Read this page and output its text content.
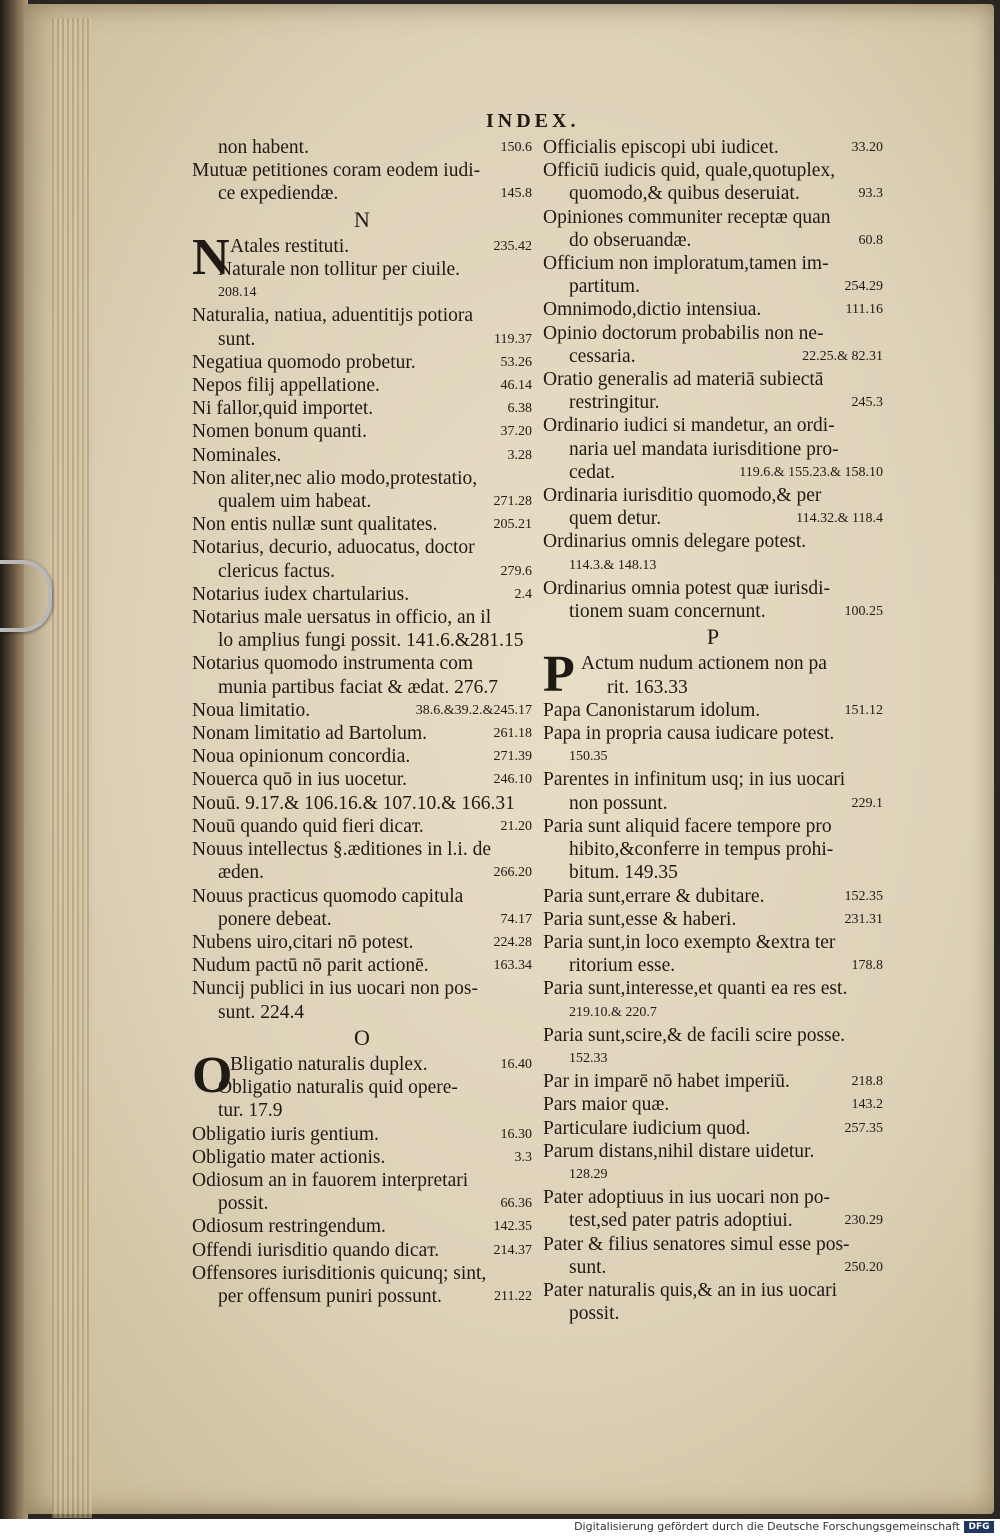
INDEX.
non habent.	150.6
Mutuæ petitiones coram eodem iudi-
ce expediendæ.	145.8
N
N Atales restituti.	235.42
Naturale non tollitur per ciuile.
208.14
Naturalia, natiua, aduentitijs potiora
sunt.	119.37
Negatiua quomodo probetur.	53.26
Nepos filij appellatione.	46.14
Ni fallor,quid importet.	6.38
Nomen bonum quanti.	37.20
Nominales.	3.28
Non aliter,nec alio modo,protestatio,
qualem uim habeat.	271.28
Non entis nullæ sunt qualitates.	205.21
Notarius, decurio, aduocatus, doctor
clericus factus.	279.6
Notarius iudex chartularius.	2.4
Notarius male uersatus in officio, an il
lo amplius fungi possit. 141.6.&281.15
Notarius quomodo instrumenta com
munia partibus faciat & ædat. 276.7
Noua limitatio.	38.6.&39.2.&245.17
Nonam limitatio ad Bartolum.	261.18
Noua opinionum concordia.	271.39
Nouerca quō in ius uocetur.	246.10
Nouū. 9.17.& 106.16.& 107.10.& 166.31
Nouū quando quid fieri dicaт.	21.20
Nouus intellectus §.æditiones in l.i. de
æden.	266.20
Nouus practicus quomodo capitula
ponere debeat.	74.17
Nubens uiro,citari nō potest.	224.28
Nudum pactū nō parit actionē.	163.34
Nuncij publici in ius uocari non pos-
sunt. 224.4
O
O
Bligatio naturalis duplex.	16.40
Obligatio naturalis quid opere-
tur. 17.9
Obligatio iuris gentium.	16.30
Obligatio mater actionis.	3.3
Odiosum an in fauorem interpretari
possit.	66.36
Odiosum restringendum.	142.35
Offendi iurisditio quando dicaт.	214.37
Offensores iurisditionis quicunq; sint,
per offensum puniri possunt.	211.22
Officialis episcopi ubi iudicet.	33.20
Officiū iudicis quid, quale,quotuplex,
quomodo,& quibus deseruiat.	93.3
Opiniones communiter receptæ quan
do obseruandæ.	60.8
Officium non imploratum,tamen im-
partitum.	254.29
Omnimodo,dictio intensiua.	111.16
Opinio doctorum probabilis non ne-
cessaria.	22.25.& 82.31
Oratio generalis ad materiā subiectā
restringitur.	245.3
Ordinario iudici si mandetur, an ordi-
naria uel mandata iurisditione pro-
cedat.	119.6.& 155.23.& 158.10
Ordinaria iurisditio quomodo,& per
quem detur.	114.32.& 118.4
Ordinarius omnis delegare potest.
114.3.& 148.13
Ordinarius omnia potest quæ iurisdi-
tionem suam concernunt.	100.25
P
P Actum nudum actionem non pa
rit. 163.33
Papa Canonistarum idolum.	151.12
Papa in propria causa iudicare potest.
150.35
Parentes in infinitum usq; in ius uocari
non possunt.	229.1
Paria sunt aliquid facere tempore pro
hibito,&conferre in tempus prohi-
bitum. 149.35
Paria sunt,errare & dubitare.	152.35
Paria sunt,esse & haberi.	231.31
Paria sunt,in loco exempto &extra ter
ritorium esse.	178.8
Paria sunt,interesse,et quanti ea res est.
219.10.& 220.7
Paria sunt,scire,& de facili scire posse.
152.33
Par in imparē nō habet imperiū.	218.8
Pars maior quæ.	143.2
Particulare iudicium quod.	257.35
Parum distans,nihil distare uidetur.
128.29
Pater adoptiuus in ius uocari non po-
test,sed pater patris adoptiui.	230.29
Pater & filius senatores simul esse pos-
sunt.	250.20
Pater naturalis quis,& an in ius uocari
possit.
Digitalisierung gefördert durch die Deutsche Forschungsgemeinschaft DFG
